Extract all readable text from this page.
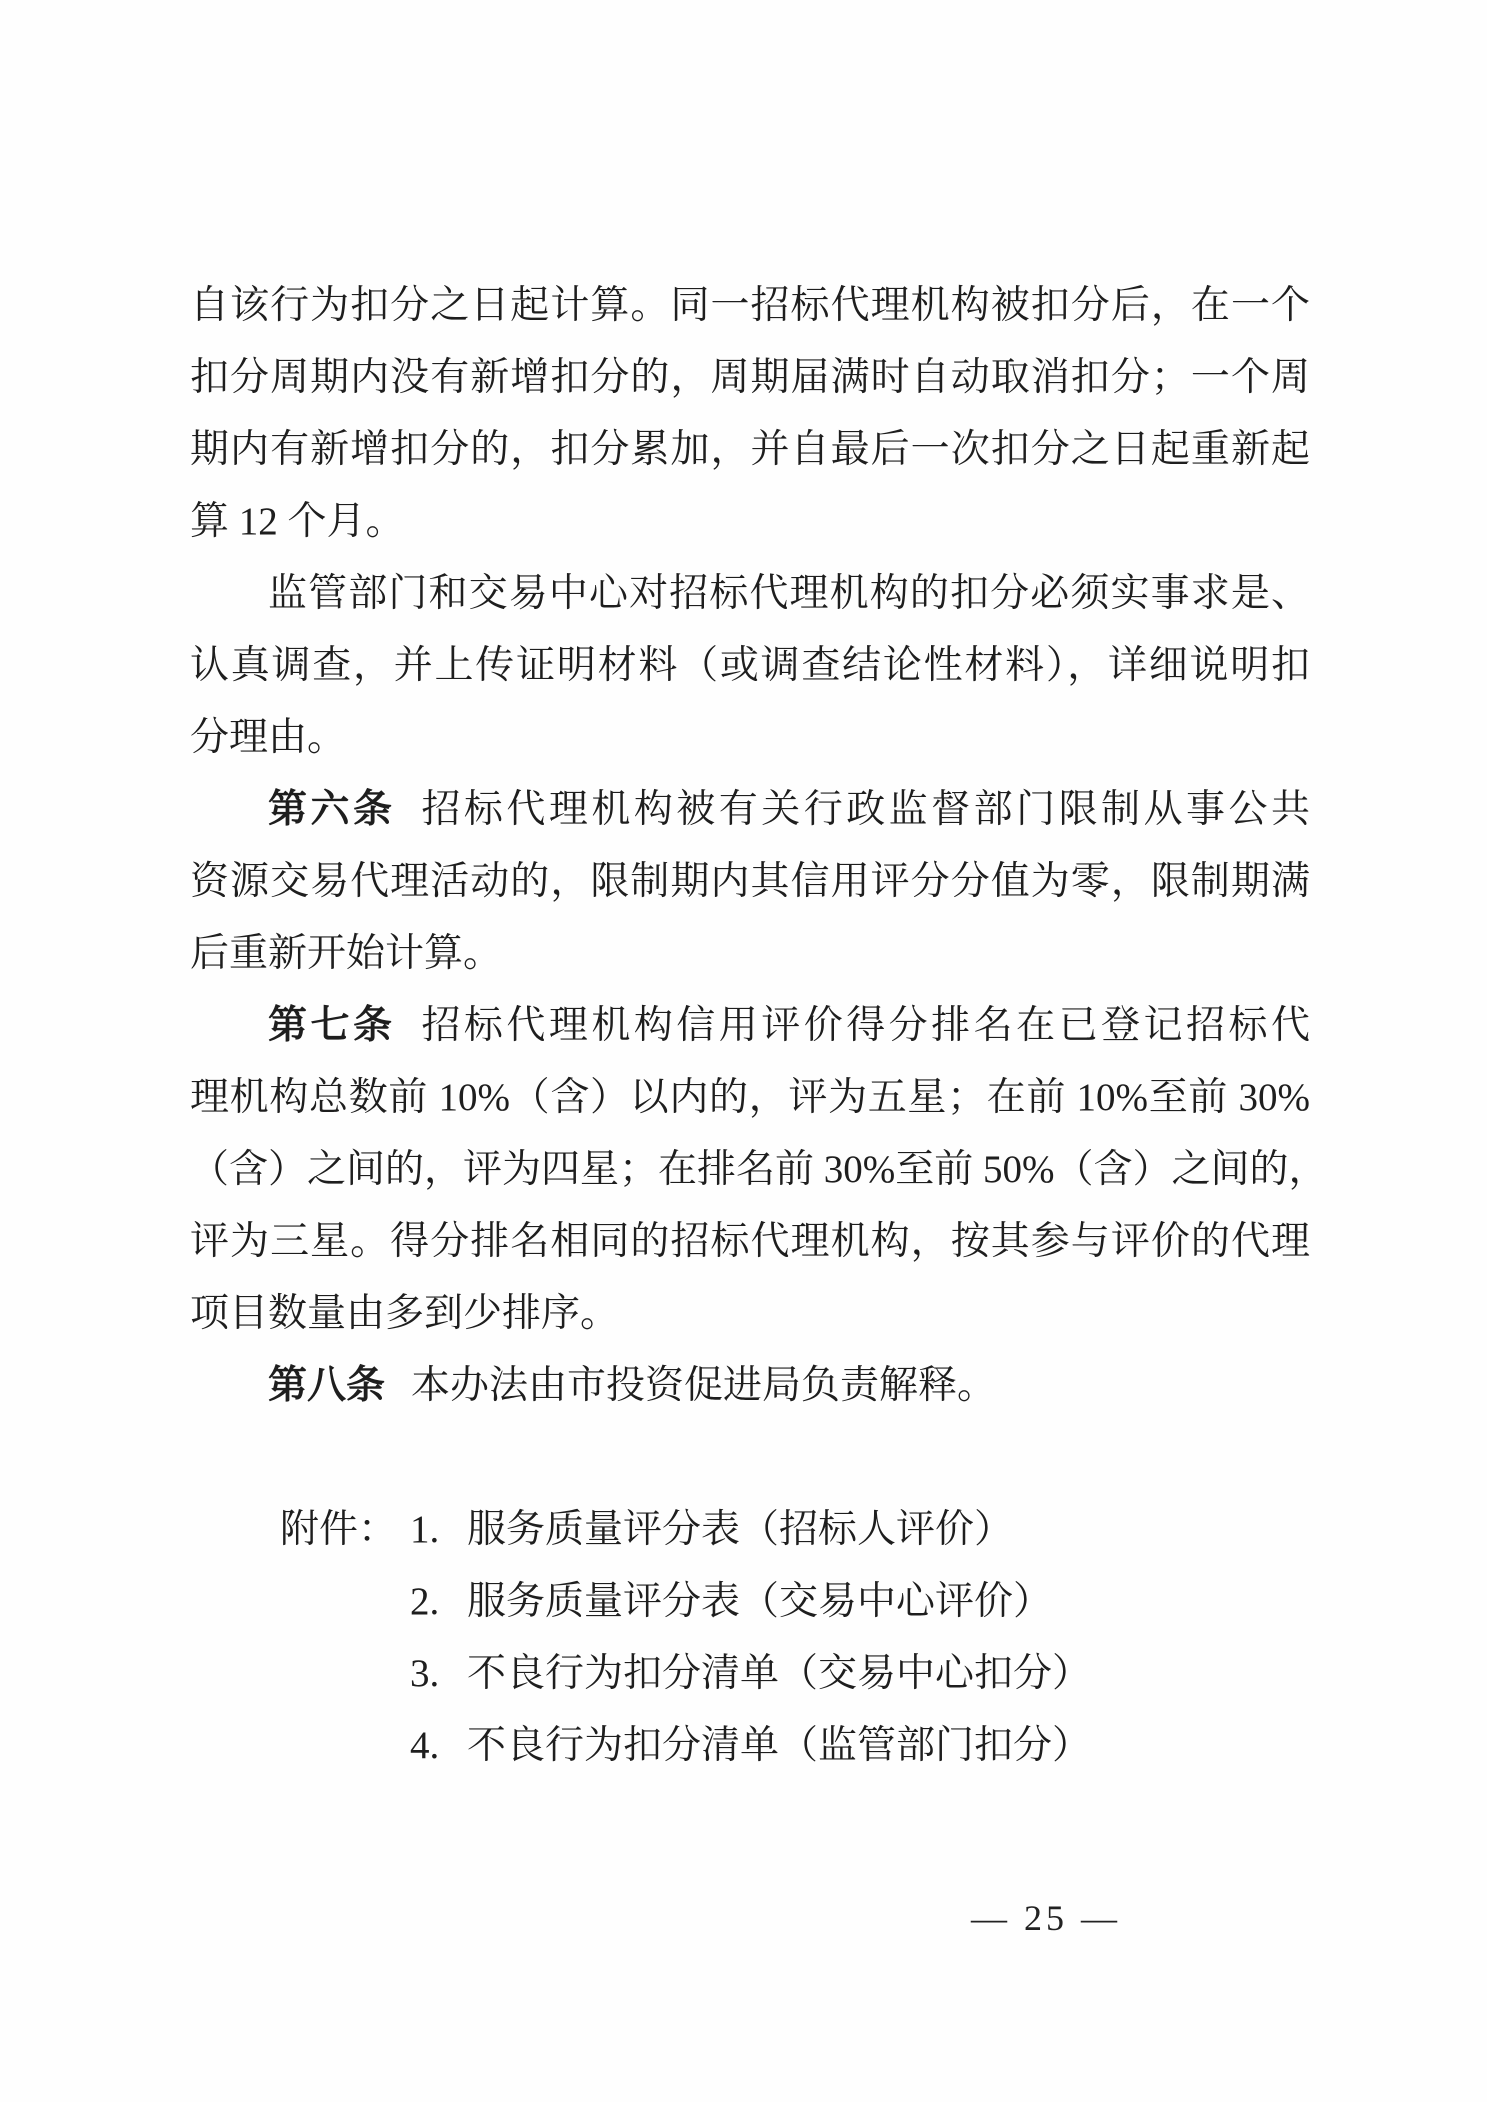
自该行为扣分之日起计算。同一招标代理机构被扣分后，在一个
扣分周期内没有新增扣分的，周期届满时自动取消扣分；一个周
期内有新增扣分的，扣分累加，并自最后一次扣分之日起重新起
算 12 个月。
监管部门和交易中心对招标代理机构的扣分必须实事求是、
认真调查，并上传证明材料（或调查结论性材料），详细说明扣
分理由。
第六条 招标代理机构被有关行政监督部门限制从事公共
资源交易代理活动的，限制期内其信用评分分值为零，限制期满
后重新开始计算。
第七条 招标代理机构信用评价得分排名在已登记招标代
理机构总数前 10%（含）以内的，评为五星；在前 10%至前 30%
（含）之间的，评为四星；在排名前 30%至前 50%（含）之间的，
评为三星。得分排名相同的招标代理机构，按其参与评价的代理
项目数量由多到少排序。
第八条 本办法由市投资促进局负责解释。
附件： 1. 服务质量评分表（招标人评价）
2. 服务质量评分表（交易中心评价）
3. 不良行为扣分清单（交易中心扣分）
4. 不良行为扣分清单（监管部门扣分）
— 25 —
